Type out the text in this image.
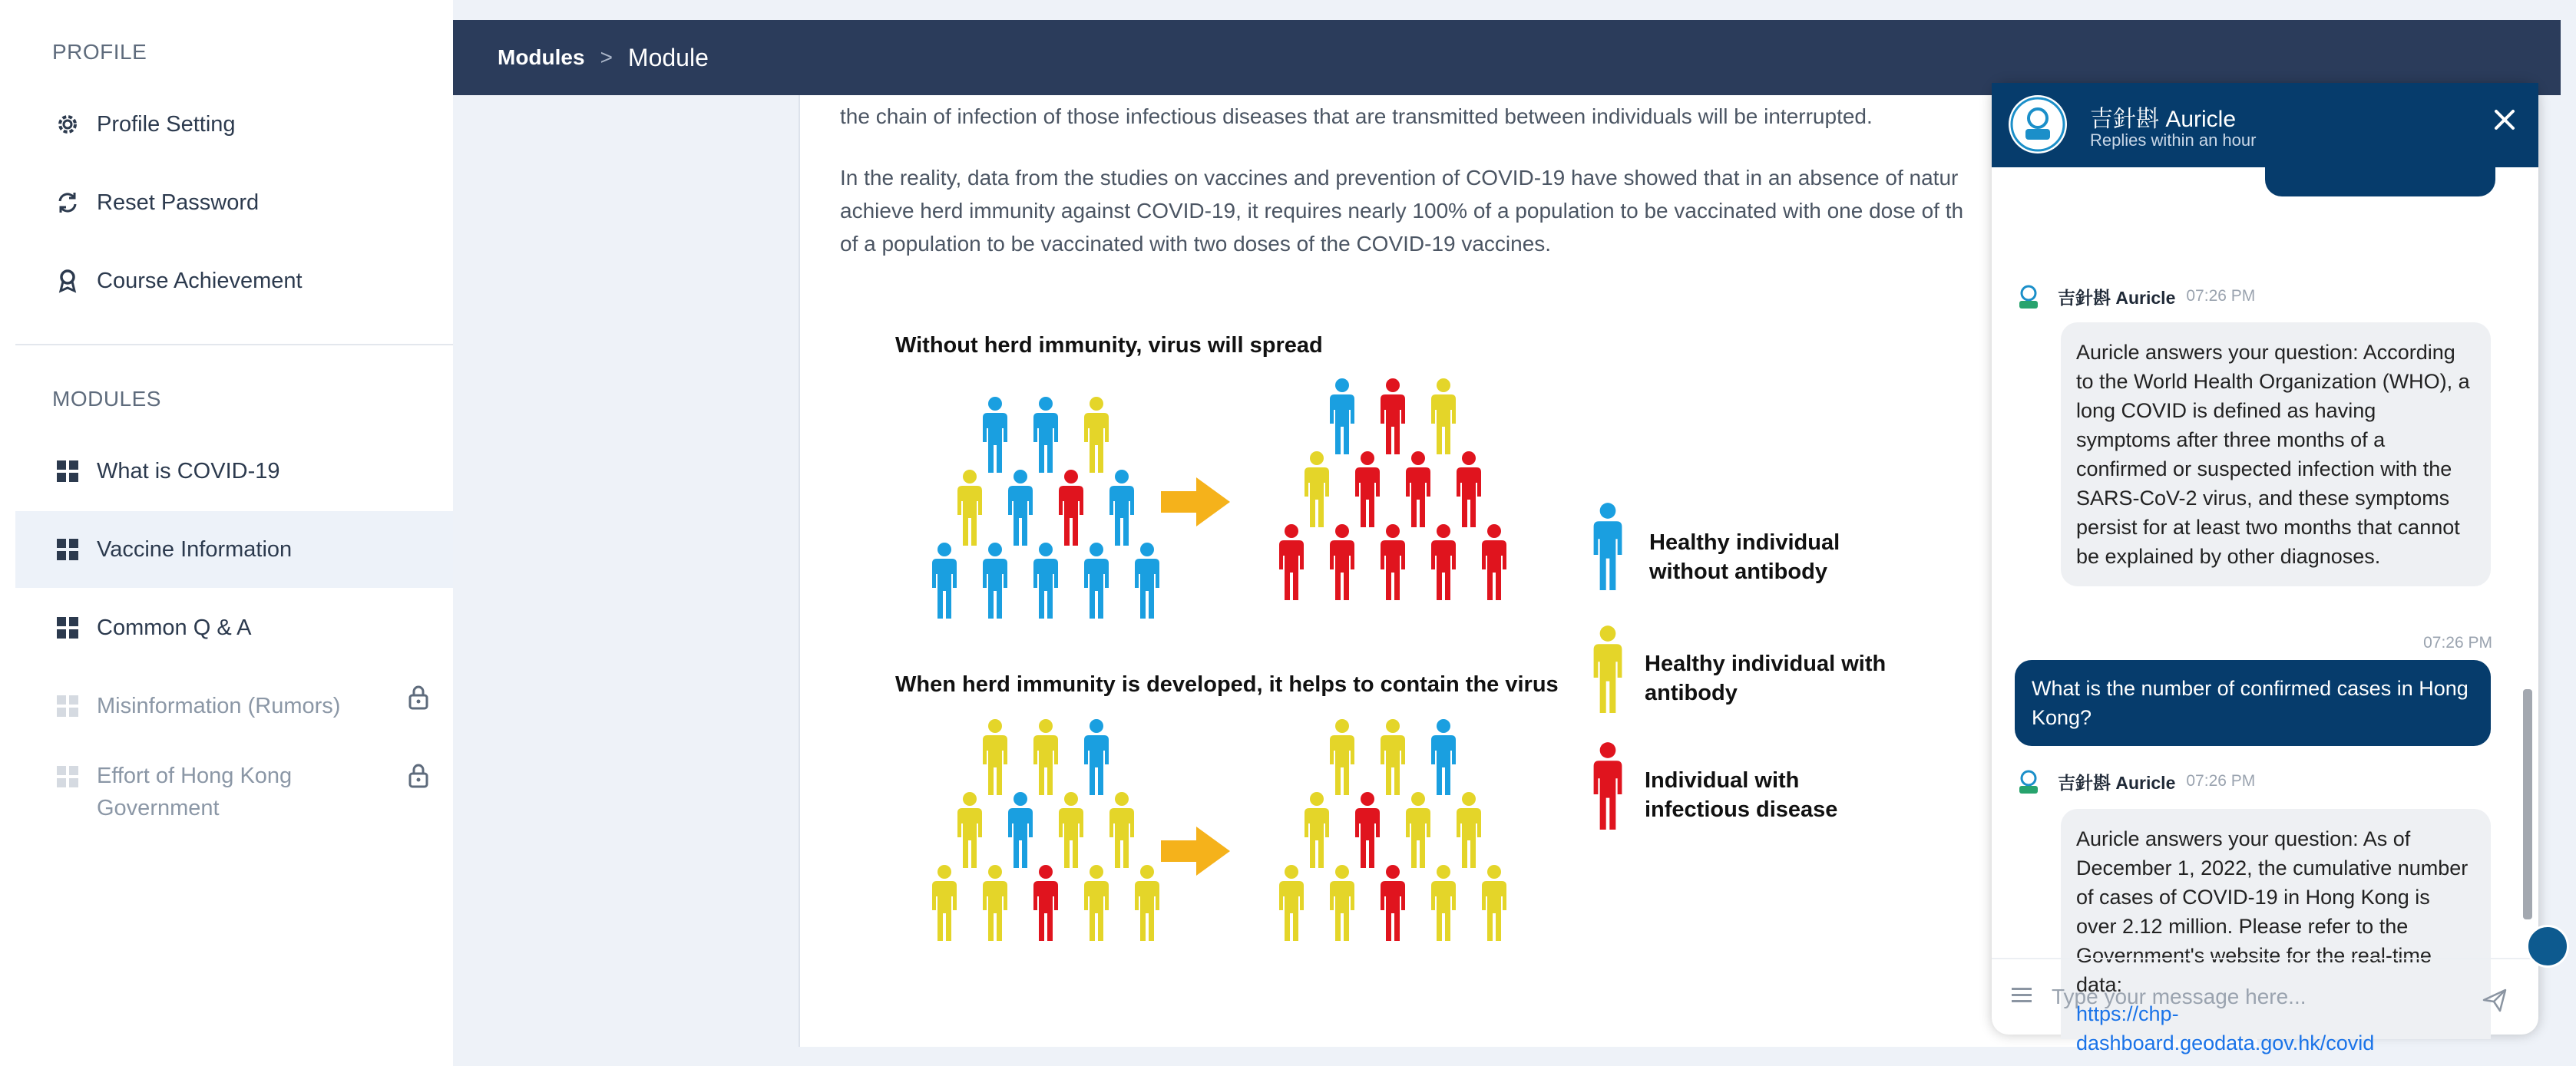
PROFILE
Profile Setting
Reset Password
Course Achievement
MODULES
What is COVID-19
Vaccine Information
Common Q & A
Misinformation (Rumors)
Effort of Hong Kong Government
Modules > Module
the chain of infection of those infectious diseases that are transmitted between individuals will be interrupted.
In the reality, data from the studies on vaccines and prevention of COVID-19 have showed that in an absence of natur
achieve herd immunity against COVID-19, it requires nearly 100% of a population to be vaccinated with one dose of th
of a population to be vaccinated with two doses of the COVID-19 vaccines.
Without herd immunity, virus will spread
When herd immunity is developed, it helps to contain the virus
Healthy individual without antibody
Healthy individual with antibody
Individual with infectious disease
吉針斟 Auricle
Replies within an hour
吉針斟 Auricle 07:26 PM
Auricle answers your question: According to the World Health Organization (WHO), a long COVID is defined as having symptoms after three months of a confirmed or suspected infection with the SARS-CoV-2 virus, and these symptoms persist for at least two months that cannot be explained by other diagnoses.
07:26 PM
What is the number of confirmed cases in Hong Kong?
吉針斟 Auricle 07:26 PM
Auricle answers your question: As of December 1, 2022, the cumulative number of cases of COVID-19 in Hong Kong is over 2.12 million. Please refer to the Government's website for the real-time data:
https://chp-dashboard.geodata.gov.hk/covid
Type your message here...
